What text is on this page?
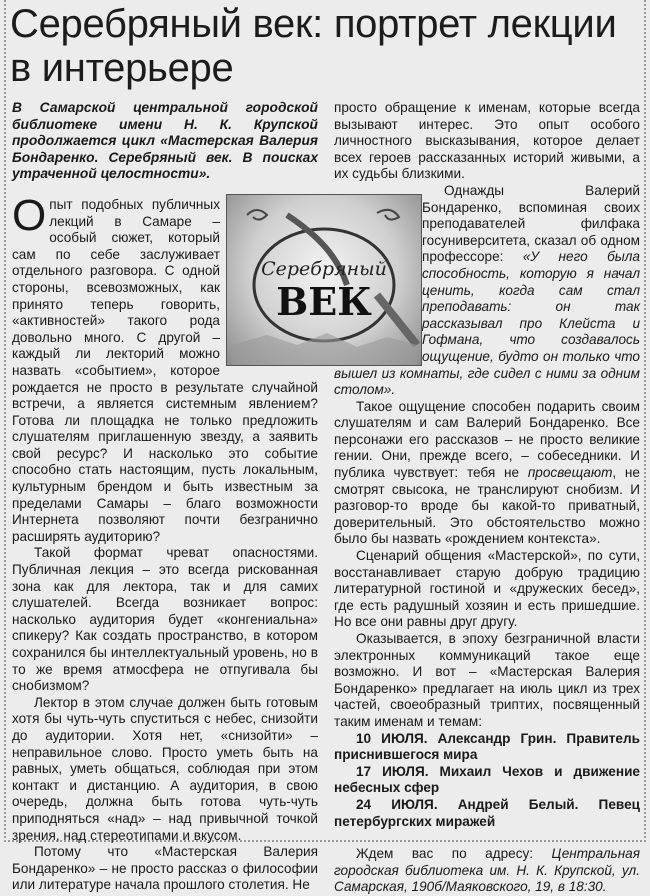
Серебряный век: портрет лекции в интерьере
В Самарской центральной городской библиотеке имени Н. К. Крупской продолжается цикл «Мастерская Валерия Бондаренко. Серебряный век. В поисках утраченной целостности».

Опыт подобных публичных лекций в Самаре – особый сюжет, который сам по себе заслуживает отдельного разговора. С одной стороны, всевозможных, как принято теперь говорить, «активностей» такого рода довольно много. С другой – каждый ли лекторий можно назвать «событием», которое рождается не просто в результате случайной встречи, а является системным явлением? Готова ли площадка не только предложить слушателям приглашенную звезду, а заявить свой ресурс? И насколько это событие способно стать настоящим, пусть локальным, культурным брендом и быть известным за пределами Самары – благо возможности Интернета позволяют почти безгранично расширять аудиторию?

Такой формат чреват опасностями. Публичная лекция – это всегда рискованная зона как для лектора, так и для самих слушателей. Всегда возникает вопрос: насколько аудитория будет «конгениальна» спикеру? Как создать пространство, в котором сохранился бы интеллектуальный уровень, но в то же время атмосфера не отпугивала бы снобизмом?

Лектор в этом случае должен быть готовым хотя бы чуть-чуть спуститься с небес, снизойти до аудитории. Хотя нет, «снизойти» – неправильное слово. Просто уметь быть на равных, уметь общаться, соблюдая при этом контакт и дистанцию. А аудитория, в свою очередь, должна быть готова чуть-чуть приподняться «над» – над привычной точкой зрения, над стереотипами и вкусом.

Потому что «Мастерская Валерия Бондаренко» – не просто рассказ о философии или литературе начала прошлого столетия. Не

просто обращение к именам, которые всегда вызывают интерес. Это опыт особого личностного высказывания, которое делает всех героев рассказанных историй живыми, а их судьбы близкими.

Однажды Валерий Бондаренко, вспоминая своих преподавателей филфака госуниверситета, сказал об одном профессоре: «У него была способность, которую я начал ценить, когда сам стал преподавать: он так рассказывал про Клейста и Гофмана, что создавалось ощущение, будто он только что вышел из комнаты, где сидел с ними за одним столом».

Такое ощущение способен подарить своим слушателям и сам Валерий Бондаренко. Все персонажи его рассказов – не просто великие гении. Они, прежде всего, – собеседники. И публика чувствует: тебя не просвещают, не смотрят свысока, не транслируют снобизм. И разговор-то вроде бы какой-то приватный, доверительный. Это обстоятельство можно было бы назвать «рождением контекста».

Сценарий общения «Мастерской», по сути, восстанавливает старую добрую традицию литературной гостиной и «дружеских бесед», где есть радушный хозяин и есть пришедшие. Но все они равны друг другу.

Оказывается, в эпоху безграничной власти электронных коммуникаций такое еще возможно. И вот – «Мастерская Валерия Бондаренко» предлагает на июль цикл из трех частей, своеобразный триптих, посвященный таким именам и темам:

10 ИЮЛЯ. Александр Грин. Правитель приснившегося мира

17 ИЮЛЯ. Михаил Чехов и движение небесных сфер

24 ИЮЛЯ. Андрей Белый. Певец петербургских миражей

Ждем вас по адресу: Центральная городская библиотека им. Н. К. Крупской, ул. Самарская, 190б/Маяковского, 19, в 18:30.

Серебряный
ВЕК
